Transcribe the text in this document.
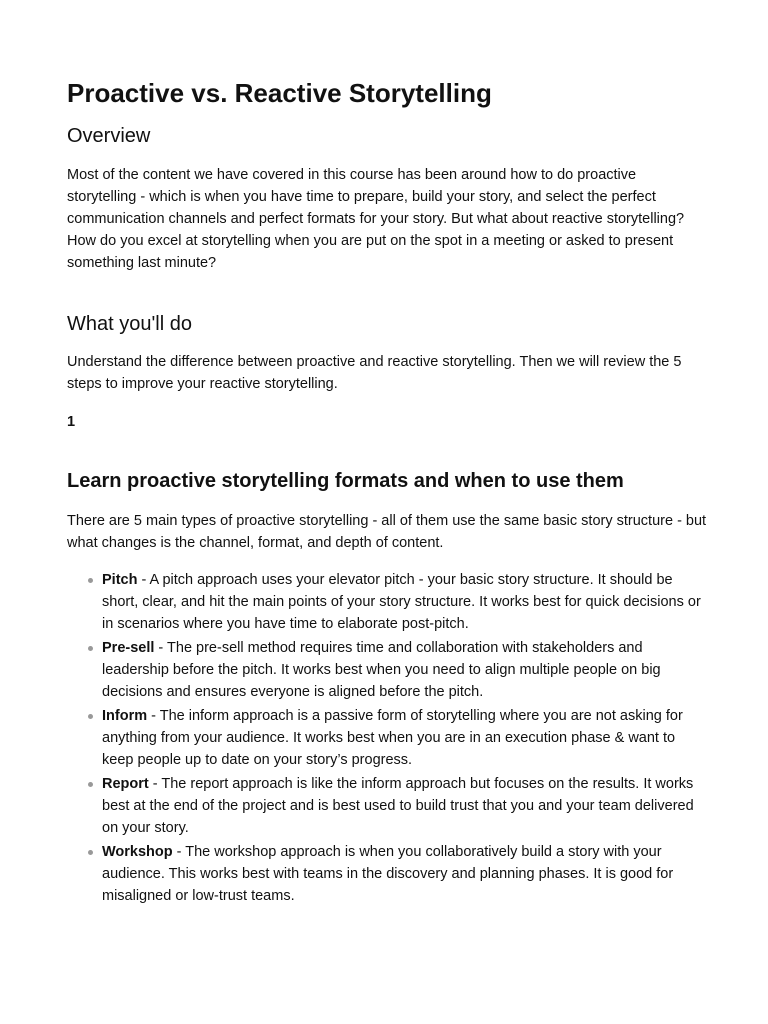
Proactive vs. Reactive Storytelling
Overview

Most of the content we have covered in this course has been around how to do proactive storytelling - which is when you have time to prepare, build your story, and select the perfect communication channels and perfect formats for your story. But what about reactive storytelling? How do you excel at storytelling when you are put on the spot in a meeting or asked to present something last minute?

What you'll do

Understand the difference between proactive and reactive storytelling. Then we will review the 5 steps to improve your reactive storytelling.

1

Learn proactive storytelling formats and when to use them

There are 5 main types of proactive storytelling - all of them use the same basic story structure - but what changes is the channel, format, and depth of content.

Pitch - A pitch approach uses your elevator pitch - your basic story structure. It should be short, clear, and hit the main points of your story structure. It works best for quick decisions or in scenarios where you have time to elaborate post-pitch.
Pre-sell - The pre-sell method requires time and collaboration with stakeholders and leadership before the pitch. It works best when you need to align multiple people on big decisions and ensures everyone is aligned before the pitch.
Inform - The inform approach is a passive form of storytelling where you are not asking for anything from your audience. It works best when you are in an execution phase & want to keep people up to date on your story’s progress.
Report - The report approach is like the inform approach but focuses on the results. It works best at the end of the project and is best used to build trust that you and your team delivered on your story.
Workshop - The workshop approach is when you collaboratively build a story with your audience. This works best with teams in the discovery and planning phases. It is good for misaligned or low-trust teams.
